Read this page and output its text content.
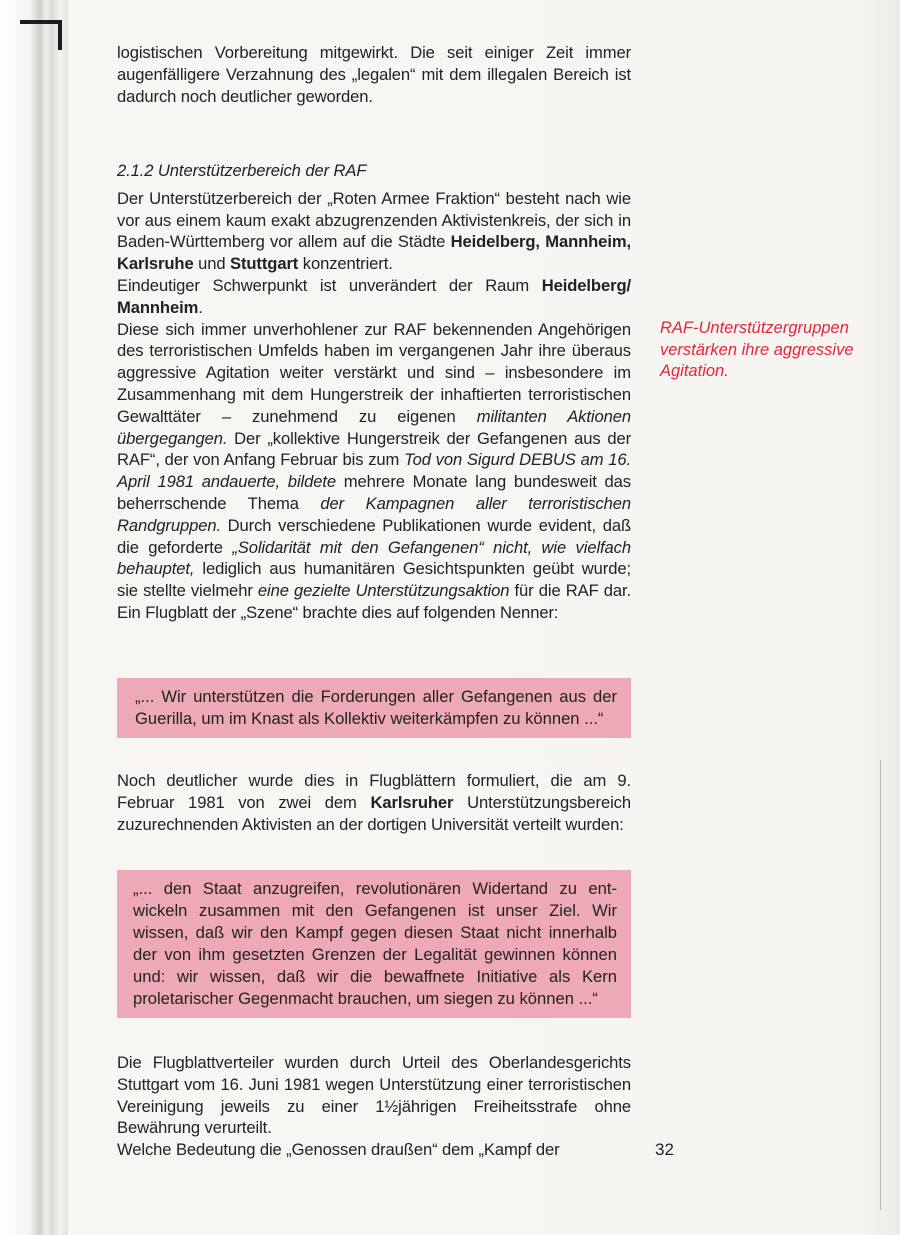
logistischen Vorbereitung mitgewirkt. Die seit einiger Zeit immer augenfälligere Verzahnung des „legalen“ mit dem illegalen Bereich ist dadurch noch deutlicher geworden.

2.1.2 Unterstützerbereich der RAF

Der Unterstützerbereich der „Roten Armee Fraktion“ besteht nach wie vor aus einem kaum exakt abzugrenzenden Aktivistenkreis, der sich in Baden-Württemberg vor allem auf die Städte Heidelberg, Mannheim, Karlsruhe und Stuttgart konzentriert.

Eindeutiger Schwerpunkt ist unverändert der Raum Heidelberg/ Mannheim.

Diese sich immer unverhohlener zur RAF bekennenden Angehörigen des terroristischen Umfelds haben im vergangenen Jahr ihre überaus aggressive Agitation weiter verstärkt und sind – insbesondere im Zusammenhang mit dem Hungerstreik der inhaftierten terroristischen Gewalttäter – zunehmend zu eigenen militanten Aktionen übergegangen. Der „kollektive Hungerstreik der Gefangenen aus der RAF“, der von Anfang Februar bis zum Tod von Sigurd DEBUS am 16. April 1981 andauerte, bildete mehrere Monate lang bundesweit das beherrschende Thema der Kampagnen aller terroristischen Randgruppen. Durch verschiedene Publikationen wurde evident, daß die geforderte „Solidarität mit den Gefangenen“ nicht, wie vielfach behauptet, lediglich aus humanitären Gesichtspunkten geübt wurde; sie stellte vielmehr eine gezielte Unterstützungsaktion für die RAF dar. Ein Flugblatt der „Szene“ brachte dies auf folgenden Nenner:

„... Wir unterstützen die Forderungen aller Gefangenen aus der Guerilla, um im Knast als Kollektiv weiterkämpfen zu können ...“

Noch deutlicher wurde dies in Flugblättern formuliert, die am 9. Februar 1981 von zwei dem Karlsruher Unterstützungsbereich zuzurechnenden Aktivisten an der dortigen Universität verteilt wurden:

„... den Staat anzugreifen, revolutionären Widertand zu entwickeln zusammen mit den Gefangenen ist unser Ziel. Wir wissen, daß wir den Kampf gegen diesen Staat nicht innerhalb der von ihm gesetzten Grenzen der Legalität gewinnen können und: wir wissen, daß wir die bewaffnete Initiative als Kern proletarischer Gegenmacht brauchen, um siegen zu können ...“

Die Flugblattverteiler wurden durch Urteil des Oberlandesgerichts Stuttgart vom 16. Juni 1981 wegen Unterstützung einer terroristischen Vereinigung jeweils zu einer 1½jährigen Freiheitsstrafe ohne Bewährung verurteilt.

Welche Bedeutung die „Genossen draußen“ dem „Kampf der

RAF-Unterstützergruppen verstärken ihre aggressive Agitation.
32
